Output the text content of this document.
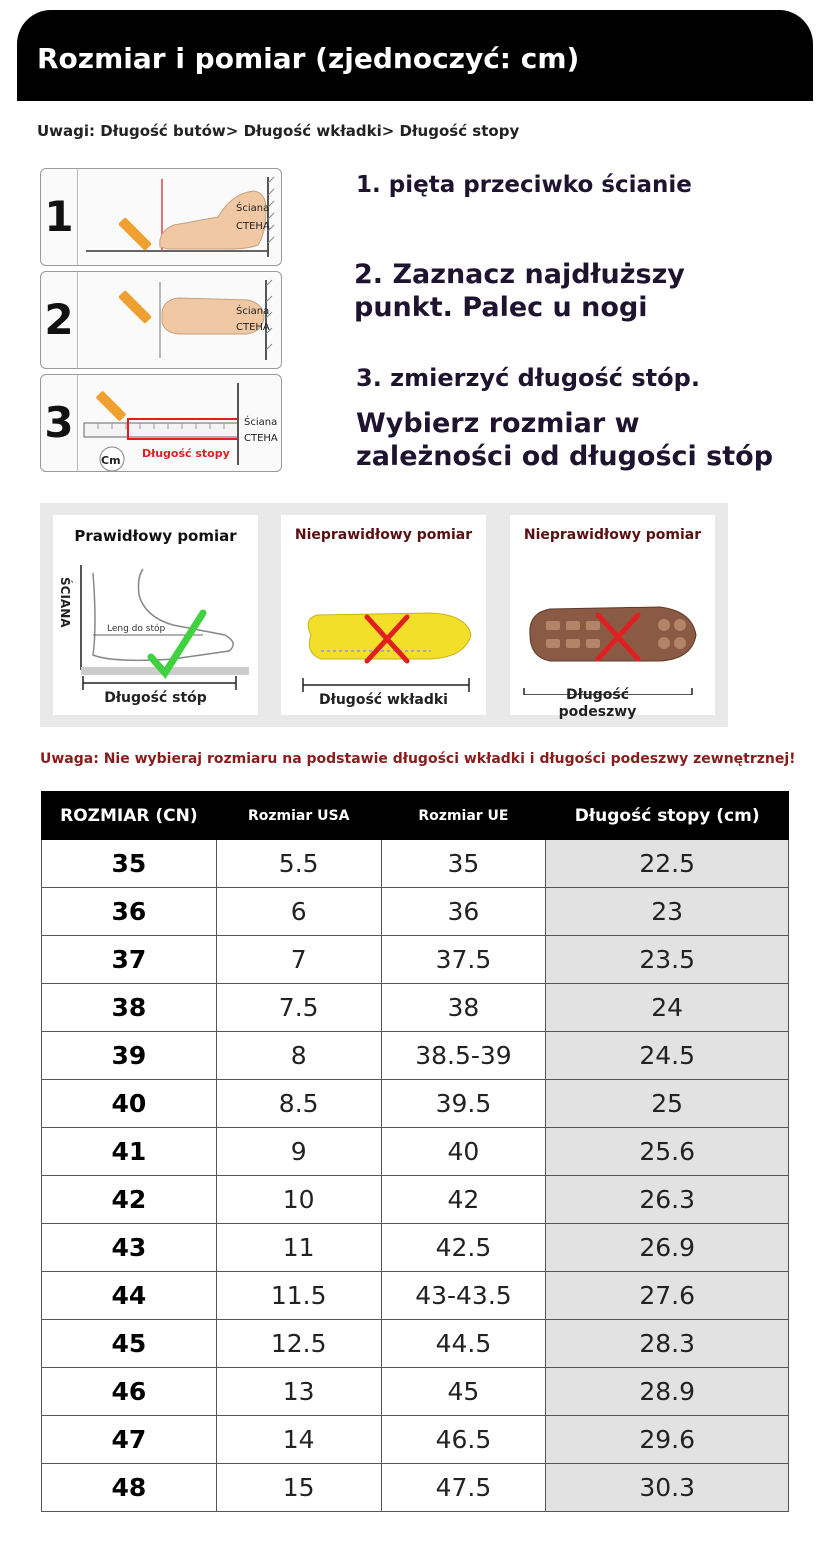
Rozmiar i pomiar (zjednoczyć: cm)
Uwagi: Długość butów> Długość wkładki> Długość stopy
1	Ściana
CTEHA
2	Ściana
CTEHA
3
Cm
Długość stopy
Ściana
CTEHA
1. pięta przeciwko ścianie
2. Zaznacz najdłuższy
punkt. Palec u nogi
3. zmierzyć długość stóp.
Wybierz rozmiar w
zależności od długości stóp
Prawidłowy pomiar
ŚCIANA
Leng do stóp
Długość stóp
Nieprawidłowy pomiar
Długość wkładki
Nieprawidłowy pomiar
Długość
podeszwy
Uwaga: Nie wybieraj rozmiaru na podstawie długości wkładki i długości podeszwy zewnętrznej!
ROZMIAR (CN)	Rozmiar USA	Rozmiar UE	Długość stopy (cm)
35	5.5	35	22.5
36	6	36	23
37	7	37.5	23.5
38	7.5	38	24
39	8	38.5-39	24.5
40	8.5	39.5	25
41	9	40	25.6
42	10	42	26.3
43	11	42.5	26.9
44	11.5	43-43.5	27.6
45	12.5	44.5	28.3
46	13	45	28.9
47	14	46.5	29.6
48	15	47.5	30.3
